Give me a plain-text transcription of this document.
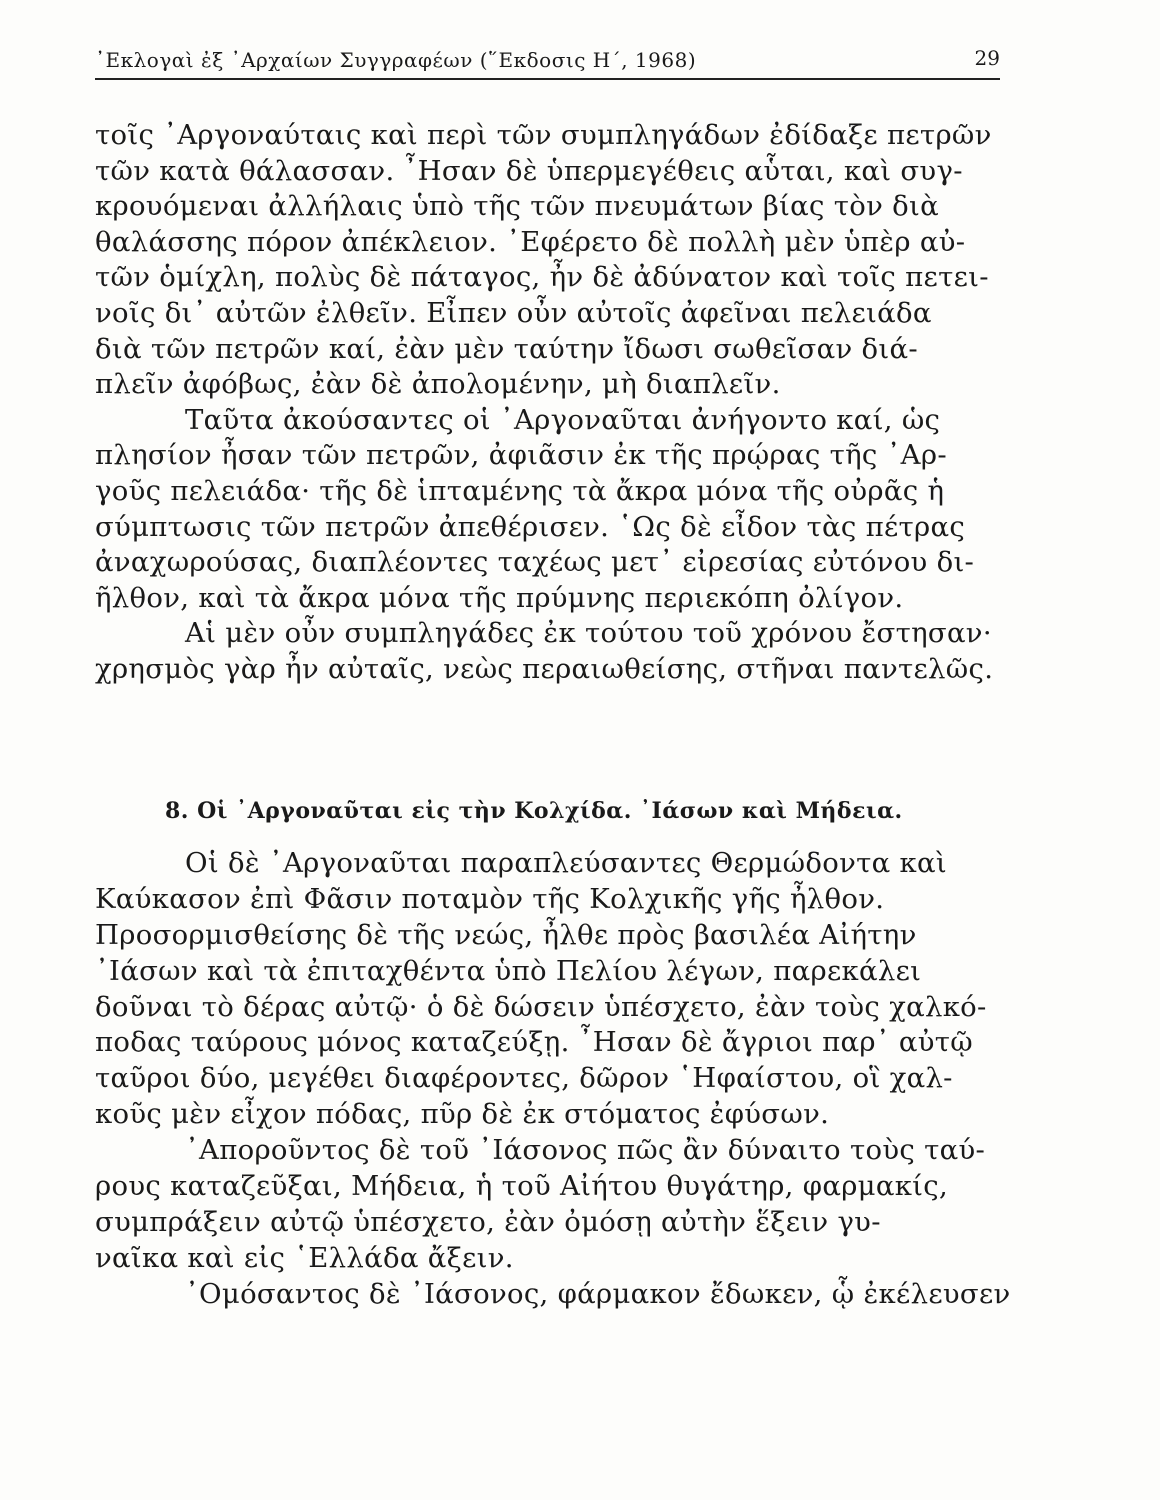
᾽Εκλογαὶ ἐξ ᾽Αρχαίων Συγγραφέων (῞Εκδοσις Η΄, 1968)	29
τοῖς ᾽Αργοναύταις καὶ περὶ τῶν συμπληγάδων ἐδίδαξε πετρῶν
τῶν κατὰ θάλασσαν. ῏Ησαν δὲ ὑπερμεγέθεις αὗται, καὶ συγ-
κρουόμεναι ἀλλήλαις ὑπὸ τῆς τῶν πνευμάτων βίας τὸν διὰ
θαλάσσης πόρον ἀπέκλειον. ᾽Εφέρετο δὲ πολλὴ μὲν ὑπὲρ αὐ-
τῶν ὁμίχλη, πολὺς δὲ πάταγος, ἦν δὲ ἀδύνατον καὶ τοῖς πετει-
νοῖς δι᾽ αὐτῶν ἐλθεῖν. Εἶπεν οὖν αὐτοῖς ἀφεῖναι πελειάδα
διὰ τῶν πετρῶν καί, ἐὰν μὲν ταύτην ἴδωσι σωθεῖσαν διά-
πλεῖν ἀφόβως, ἐὰν δὲ ἀπολομένην, μὴ διαπλεῖν.
Ταῦτα ἀκούσαντες οἱ ᾽Αργοναῦται ἀνήγοντο καί, ὡς
πλησίον ἦσαν τῶν πετρῶν, ἀφιᾶσιν ἐκ τῆς πρῴρας τῆς ᾽Αρ-
γοῦς πελειάδα· τῆς δὲ ἱπταμένης τὰ ἄκρα μόνα τῆς οὐρᾶς ἡ
σύμπτωσις τῶν πετρῶν ἀπεθέρισεν. ῾Ως δὲ εἶδον τὰς πέτρας
ἀναχωρούσας, διαπλέοντες ταχέως μετ᾽ εἰρεσίας εὐτόνου δι-
ῆλθον, καὶ τὰ ἄκρα μόνα τῆς πρύμνης περιεκόπη ὀλίγον.
Αἱ μὲν οὖν συμπληγάδες ἐκ τούτου τοῦ χρόνου ἔστησαν·
χρησμὸς γὰρ ἦν αὐταῖς, νεὼς περαιωθείσης, στῆναι παντελῶς.
8. Οἱ ᾽Αργοναῦται εἰς τὴν Κολχίδα. ᾽Ιάσων καὶ Μήδεια.
Οἱ δὲ ᾽Αργοναῦται παραπλεύσαντες Θερμώδοντα καὶ
Καύκασον ἐπὶ Φᾶσιν ποταμὸν τῆς Κολχικῆς γῆς ἦλθον.
Προσορμισθείσης δὲ τῆς νεώς, ἦλθε πρὸς βασιλέα Αἰήτην
᾽Ιάσων καὶ τὰ ἐπιταχθέντα ὑπὸ Πελίου λέγων, παρεκάλει
δοῦναι τὸ δέρας αὐτῷ· ὁ δὲ δώσειν ὑπέσχετο, ἐὰν τοὺς χαλκό-
ποδας ταύρους μόνος καταζεύξῃ. ῏Ησαν δὲ ἄγριοι παρ᾽ αὐτῷ
ταῦροι δύο, μεγέθει διαφέροντες, δῶρον ῾Ηφαίστου, οἳ χαλ-
κοῦς μὲν εἶχον πόδας, πῦρ δὲ ἐκ στόματος ἐφύσων.
᾽Απορoῦντος δὲ τοῦ ᾽Ιάσονος πῶς ἂν δύναιτο τοὺς ταύ-
ρους καταζεῦξαι, Μήδεια, ἡ τοῦ Αἰήτου θυγάτηρ, φαρμακίς,
συμπράξειν αὐτῷ ὑπέσχετο, ἐὰν ὀμόσῃ αὐτὴν ἕξειν γυ-
ναῖκα καὶ εἰς ῾Ελλάδα ἄξειν.
᾽Ομόσαντος δὲ ᾽Ιάσονος, φάρμακον ἔδωκεν, ᾧ ἐκέλευσεν
